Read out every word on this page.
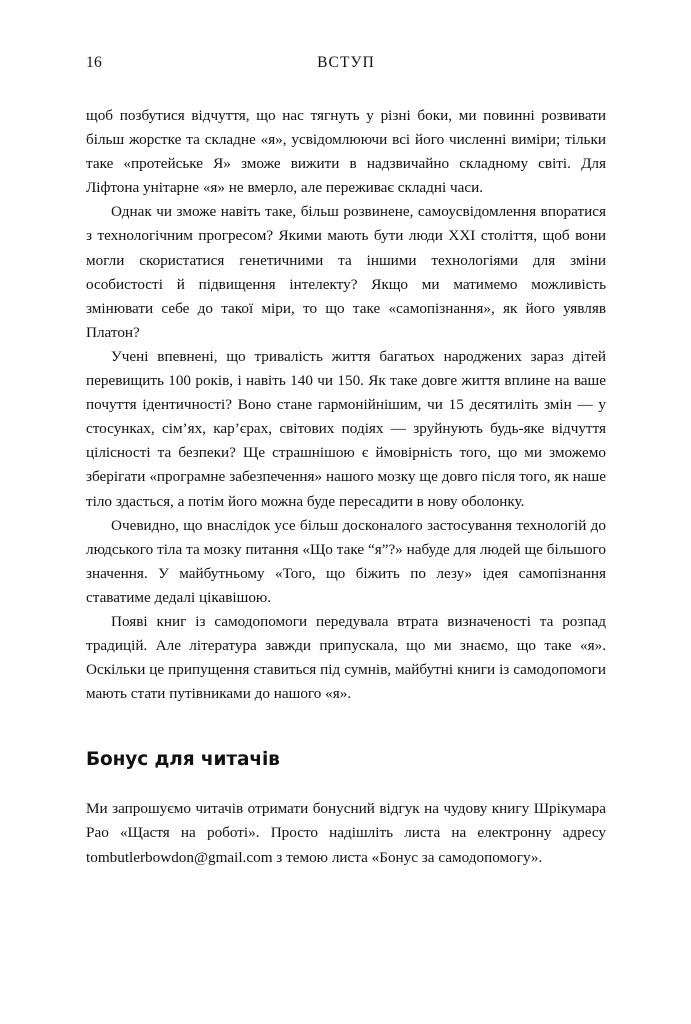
16	ВСТУП

щоб позбутися відчуття, що нас тягнуть у різні боки, ми повинні розвивати більш жорстке та складне «я», усвідомлюючи всі його численні виміри; тільки таке «протейське Я» зможе вижити в надзвичайно складному світі. Для Ліфтона унітарне «я» не вмерло, але переживає складні часи.

Однак чи зможе навіть таке, більш розвинене, самоусвідомлення впоратися з технологічним прогресом? Якими мають бути люди XXI століття, щоб вони могли скористатися генетичними та іншими технологіями для зміни особистості й підвищення інтелекту? Якщо ми матимемо можливість змінювати себе до такої міри, то що таке «самопізнання», як його уявляв Платон?

Учені впевнені, що тривалість життя багатьох народжених зараз дітей перевищить 100 років, і навіть 140 чи 150. Як таке довге життя вплине на ваше почуття ідентичності? Воно стане гармонійнішим, чи 15 десятиліть змін — у стосунках, сім’ях, кар’єрах, світових подіях — зруйнують будь-яке відчуття цілісності та безпеки? Ще страшнішою є ймовірність того, що ми зможемо зберігати «програмне забезпечення» нашого мозку ще довго після того, як наше тіло здасться, а потім його можна буде пересадити в нову оболонку.

Очевидно, що внаслідок усе більш досконалого застосування технологій до людського тіла та мозку питання «Що таке “я”?» набуде для людей ще більшого значення. У майбутньому «Того, що біжить по лезу» ідея самопізнання ставатиме дедалі цікавішою.

Появі книг із самодопомоги передувала втрата визначеності та розпад традицій. Але література завжди припускала, що ми знаємо, що таке «я». Оскільки це припущення ставиться під сумнів, майбутні книги із самодопомоги мають стати путівниками до нашого «я».

Бонус для читачів

Ми запрошуємо читачів отримати бонусний відгук на чудову книгу Шрікумара Рао «Щастя на роботі». Просто надішліть листа на електронну адресу tombutlerbowdon@gmail.com з темою листа «Бонус за самодопомогу».
